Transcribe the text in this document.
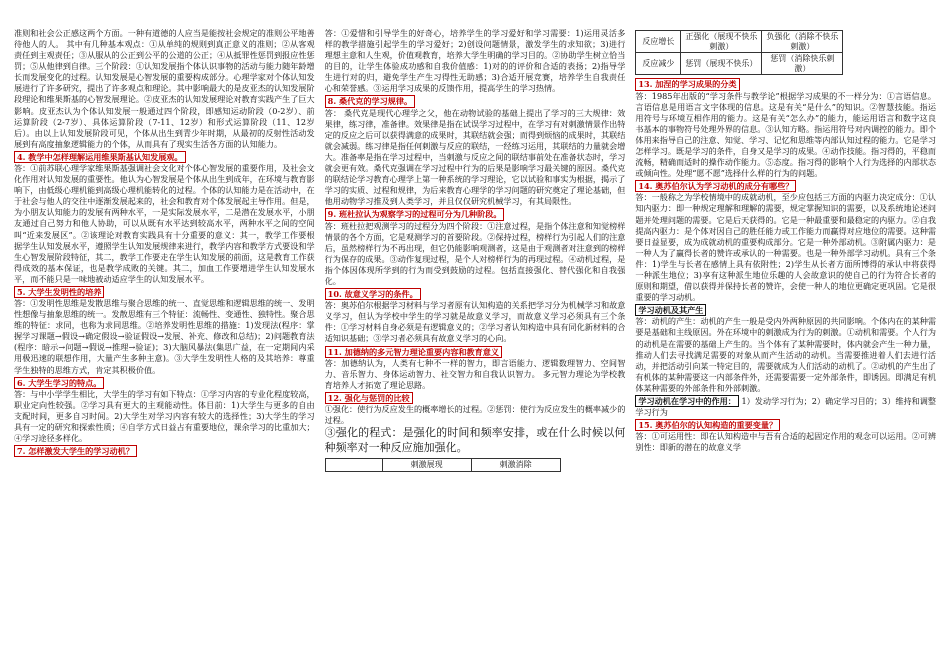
准则和社会公正感这两个方面。一种有道德的人应当是能按社会规定的准则公平地善待他人的人。 其中有几种基本观点：①从单纯的规则到真正意义的准则；②从客观责任到主观责任；③从服从的公正到公平的公道的公正；④从抵罪性惩罚到报应性惩罚；⑤从他律到自律。三个阶段：①认知发展指个体认识事物的活动与能力随年龄增长而发展变化的过程。认知发展是心智发展的重要构成部分。心理学家对个体认知发展进行了许多研究，提出了许多观点和理论。其中影响最大的是皮亚杰的认知发展阶段理论和维果斯基的心智发展理论。②皮亚杰的认知发展理论对教育实践产生了巨大影响。皮亚杰认为个体认知发展一般通过四个阶段，即感知运动阶段（0-2岁）、前运算阶段（2-7岁）、具体运算阶段（7-11、12岁）和形式运算阶段（11、12岁后）。由以上认知发展阶段可见，个体从出生到青少年时期，从最初的反射性活动发展到有高度抽象逻辑能力的个体，从而具有了现实生活各方面的认知能力。

4. 教学中怎样理解运用维果斯基认知发展观。

答：①前苏联心理学家维果斯基强调社会文化对个体心智发展的重要作用，及社会文化作用对认知发展的重要性。他认为心智发展是个体从出生到成年，在环境与教育影响下，由低级心理机能到高级心理机能转化的过程。个体的认知能力是在活动中，在于社会与他人的交往中逐渐发展起来的，社会和教育对个体发展起主导作用。但是，为小朋友认知能力的发展有两种水平，一是实际发展水平，二是潜在发展水平，小朋友通过自己努力和他人协助，可以从既有水平达到较高水平，两种水平之间的空间叫“近来发展区”。②该理论对教育实践具有十分重要的意义：其一，教学工作要根据学生认知发展水平，遵照学生认知发展规律来进行，教学内容和教学方式要设和学生心智发展阶段特征，其二，教学工作要走在学生认知发展的前面，这是教育工作获得成效的基本保证，也是教学成败的关键。其二，加血工作要增进学生认知发展水平，而不能只是一味地被动适应学生的认知发展水平。

5. 大学生发明性的培养

答：①发明性思维是发散思维与聚合思维的统一、直觉思维和逻辑思维的统一、发明性想像与抽象思维的统一。发散思维有三个特征：流畅性、变通性、独特性。聚合思维的特征：求同，也称为求同思维。②培养发明性思维的措施：1)发现法(程序：掌握学习课题→假设→确定假设→验证假设→发展、补充、修改和总结)；2)问题教育法(程序：暗示→问题→假说→推理→验证)；3)大脑风暴法(集思广益，在一定期间内采用极迅速的联想作用，大量产生多种主意)。③大学生发明性人格的及其培养：尊重学生独特的思维方式，肯定其积极价值。

6. 大学生学习的特点。

答：与中小学学生相比，大学生的学习有如下特点：①学习内容的专业化程度较高，职业定向性较强。②学习具有更大的主观能动性。体目前：1)大学生与更多的自由支配时间，更多自习时间。2)大学生对学习内容有较大的选择性；3)大学生的学习具有一定的研究和探索性质；④自学方式日益占有重要地位，课余学习的比重加大；④学习途径多样化。

7. 怎样激发大学生的学习动机？

答：①爱惜和引导学生的好奇心，培养学生的学习爱好和学习需要：1)运用灵活多样的教学措施引起学生的学习爱好；2)创设问题情景，激发学生的求知欲；3)进行理想主意和人生观，价值观教育，培养大学生明确的学习目的。②协助学生树立恰当的目的，让学生体验成功感和自我价值感：1)对的的评价和合适的表扬；2)指导学生进行对的归，避免学生产生习得性无助感；3)合适开展竞赛，培养学生自我责任心和荣誉感。③运用学习成果的反馈作用，提高学生的学习热情。

8. 桑代克的学习规律。

答： 桑代克是现代心理学之父，他在动物试验的基础上提出了学习的三大规律：效果律，练习律，准备律。效果律是指在试误学习过程中，在学习有对刺激情景作出特定的反应之后可以获得满意的成果时，其联结就会强；而得到烦恼的成果时，其联结就会减弱。练习律是指任何刺激与反应的联结，一经练习运用，其联结的力量就会增大。准备率是指在学习过程中，当刺激与反应之间的联结事前处在准备状态时，学习就会更有效。桑代克强调在学习过程中行为的后果是影响学习最关键的原因。桑代克的联结论学习教育心理学上第一种系统的学习理论，它以试验和事实为根据，揭示了学习的实质、过程和规律，为后来教育心理学的学习问题的研究奠定了理论基础，但他用动物学习推及到人类学习，并且仅仅研究机械学习，有其局限性。

9. 班杜拉认为观察学习的过程可分为几种阶段。

答：班杜拉把观测学习的过程分为四个阶段：①注意过程，是指个体注意和知觉榜样情景的各个方面，它是观测学习的首要阶段。②保持过程，榜样行为引起人们的注意后，虽然榜样行为不再出现，但它仍能影响观测者，这是由于观测者对注意到的榜样行为保存的成果。③动作复现过程，是个人对榜样行为的再现过程。④动机过程，是指个体因体现所学到的行为而受到鼓励的过程。包括直接强化、替代强化和自我强化。

10. 故意义学习的条件。

答：奥苏伯尔根据学习材料与学习者原有认知构造的关系把学习分为机械学习和故意义学习，但认为学校中学生的学习就是故意义学习，而故意义学习必须具有三个条件：①学习材料自身必须是有逻辑意义的；②学习者认知构造中具有同化新材料的合适知识基础；③学习者必须具有故意义学习的心向。

11. 加德纳的多元智力理论重要内容和教育意义

答：加德纳认为，人类有七种不一样的智力，即言语能力、逻辑数理智力、空间智力、音乐智力、身体运动智力、社交智力和自我认识智力。 多元智力理论为学校教育培养人才拓宽了理论思路。

12. 强化与惩罚的比较

①强化：使行为反应发生的概率增长的过程。②惩罚：使行为反应发生的概率减少的过程。

③强化的程式：是强化的时间和频率安排，或在什么时候以何种频率对一种反应施加强化。

	刺激展现	刺激消除
反应增长	正强化（展现不快乐刺激）	负强化（消除不快乐刺激）
反应减少	惩罚（展现不快乐）	惩罚（消除快乐刺激）
13. 加涅的学习成果的分类

答：1985年出版的“学习条件与教学论”根据学习成果的不一样分为：①言语信息。言语信息是用语言文字体现的信息。这是有关“是什么”的知识。②智慧技能。指运用符号与环境互相作用的能力。这是有关“怎么办”的能力，能运用语言和数字这良书基本的事物符号处理外界的信息。③认知方略。指运用符号对内调控的能力。即个体用来指导自己的注意、知觉、学习、记忆和思维等内部认知过程的能力。它是学习怎样学习。既是学习的条件，自身又是学习的成果。④动作技能。指习得的，平稳而流畅，精确而适时的操作动作能力。⑤态度。指习得的影响个人行为选择的内部状态或倾向性。处理“愿不愿”选择什么样的行为的问题。

14. 奥苏伯尔认为学习动机的成分有哪些？

答：一般称之为学校情境中的成就动机，至少应包括三方面的内驱力决定成分：①认知内驱力：即一种规定理解和理解的需要，规定掌握知识的需要，以及系统地论述问题并处理问题的需要。它是后天获得的。它是一种最重要和最稳定的内驱力。②自我提高内驱力：是个体对因自己的胜任能力或工作能力而赢得对应地位的需要。这种需要日益显要，成为成就动机的重要构成部分。它是一种外部动机。③附属内驱力：是一种人为了赢得长者的赞许或承认的一种需要。也是一种外部学习动机。具有三个条件：1)学生与长者在感情上具有依附性；2)学生从长者方面所博得的承认中将获得一种派生地位；3)享有这种派生地位乐趣的人会故意识的使自己的行为符合长者的原则和期望，借以获得并保持长者的赞许，会使一种人的地位更确定更巩固。它是很重要的学习动机。

学习动机及其产生

答：动机的产生：动机的产生一般是受内外两种原因的共同影响。个体内在的某种需要是基础和主线原因。外在环境中的刺激成为行为的刺激。①动机和需要。个人行为的动机是在需要的基础上产生的。当个体有了某种需要时，体内就会产生一种力量，推动人们去寻找满足需要的对象从而产生活动的动机。当需要推进着人们去进行活动，并把活动引向某一特定目的，需要就成为人们活动的动机了。②动机的产生出了有机体的某种需要这一内部条件外，还需要需要一定外部条件，即诱因。即满足有机体某种需要的外部条件和外部刺激。

学习动机在学习中的作用： 1）发动学习行为；2）确定学习目的；3）维持和调整学习行为

15. 奥苏伯尔的认知构造的重要变量？

答：①可运用性：即在认知构造中与吾有合适的起固定作用的观念可以运用。②可辨别性：即新的潜在的故意义学
